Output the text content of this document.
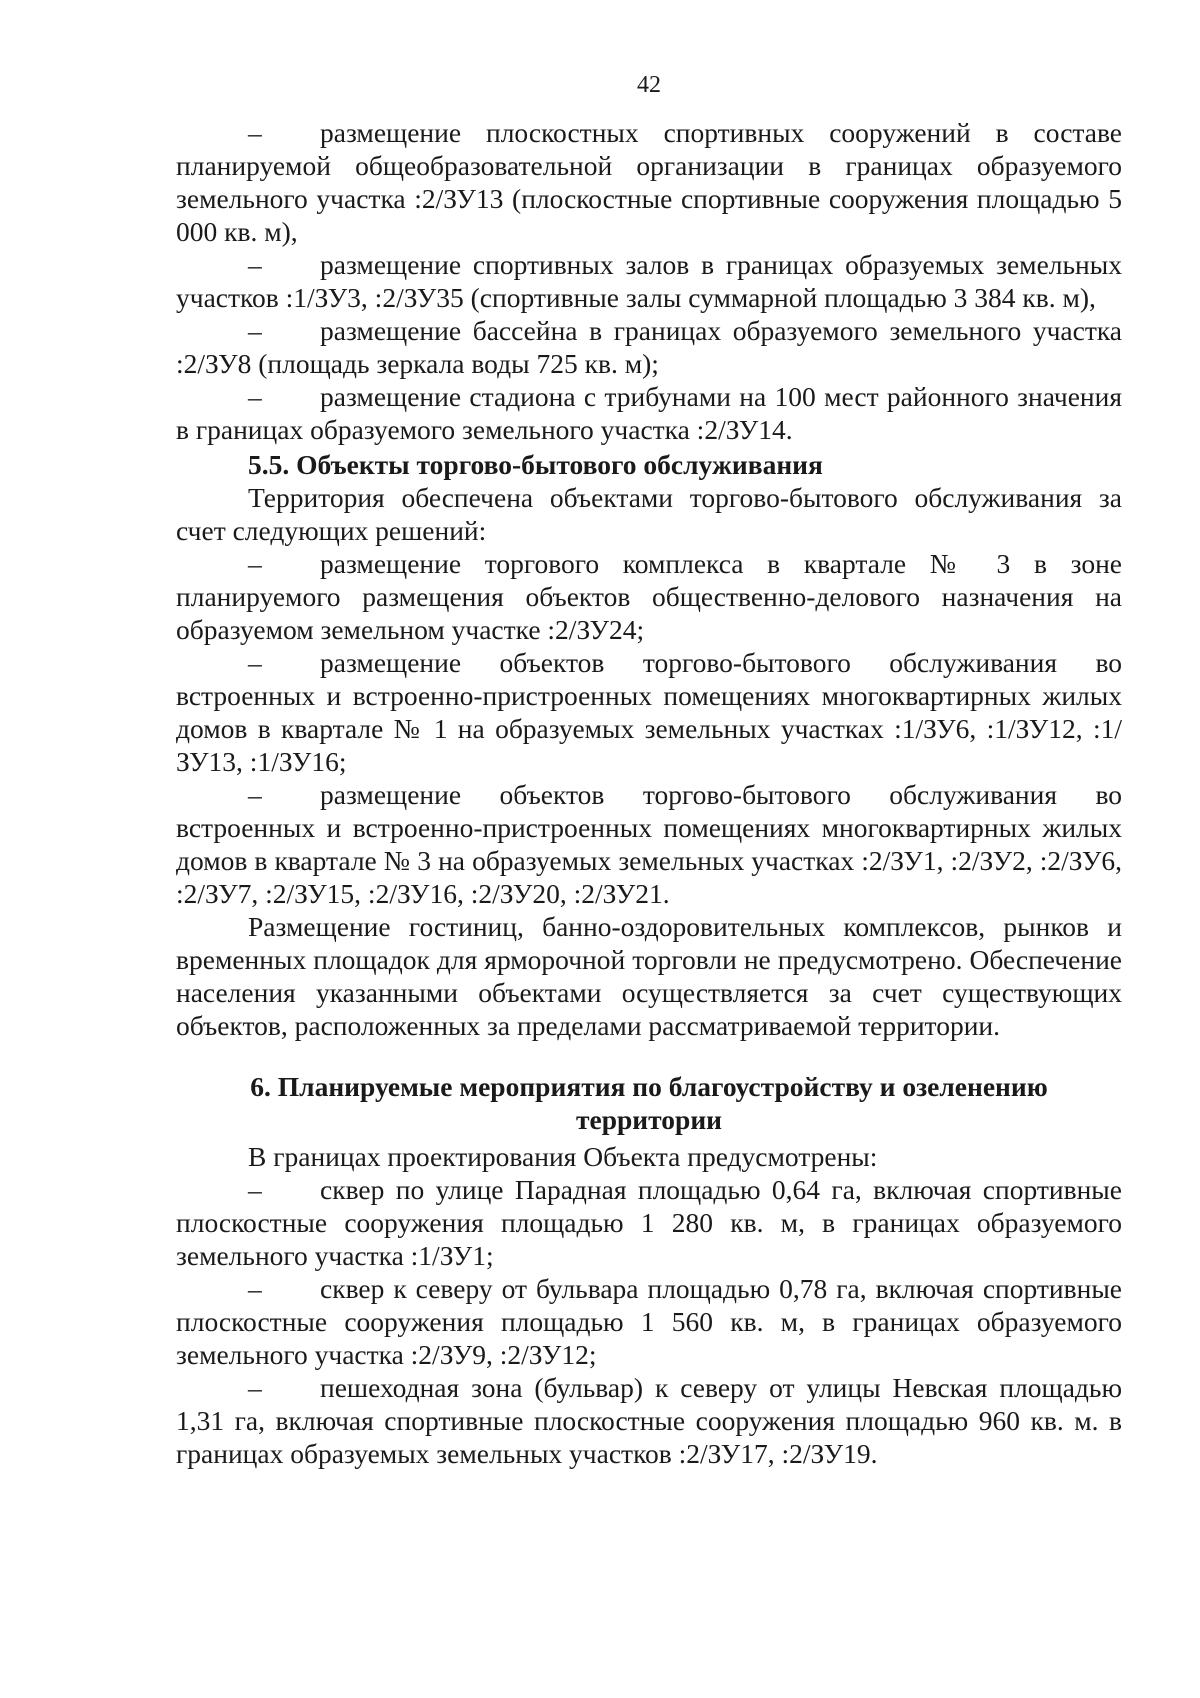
42

– размещение плоскостных спортивных сооружений в составе планируемой общеобразовательной организации в границах образуемого земельного участка :2/ЗУ13 (плоскостные спортивные сооружения площадью 5 000 кв. м),

– размещение спортивных залов в границах образуемых земельных участков :1/ЗУ3, :2/ЗУ35 (спортивные залы суммарной площадью 3 384 кв. м),

– размещение бассейна в границах образуемого земельного участка :2/ЗУ8 (площадь зеркала воды 725 кв. м);

– размещение стадиона с трибунами на 100 мест районного значения в границах образуемого земельного участка :2/ЗУ14.

5.5. Объекты торгово-бытового обслуживания

Территория обеспечена объектами торгово-бытового обслуживания за счет следующих решений:

– размещение торгового комплекса в квартале № 3 в зоне планируемого размещения объектов общественно-делового назначения на образуемом земельном участке :2/ЗУ24;

– размещение объектов торгово-бытового обслуживания во встроенных и встроенно-пристроенных помещениях многоквартирных жилых домов в квартале № 1 на образуемых земельных участках :1/ЗУ6, :1/ЗУ12, :1/ЗУ13, :1/ЗУ16;

– размещение объектов торгово-бытового обслуживания во встроенных и встроенно-пристроенных помещениях многоквартирных жилых домов в квартале № 3 на образуемых земельных участках :2/ЗУ1, :2/ЗУ2, :2/ЗУ6, :2/ЗУ7, :2/ЗУ15, :2/ЗУ16, :2/ЗУ20, :2/ЗУ21.

Размещение гостиниц, банно-оздоровительных комплексов, рынков и временных площадок для ярморочной торговли не предусмотрено. Обеспечение населения указанными объектами осуществляется за счет существующих объектов, расположенных за пределами рассматриваемой территории.

6. Планируемые мероприятия по благоустройству и озеленению территории

В границах проектирования Объекта предусмотрены:

– сквер по улице Парадная площадью 0,64 га, включая спортивные плоскостные сооружения площадью 1 280 кв. м, в границах образуемого земельного участка :1/ЗУ1;

– сквер к северу от бульвара площадью 0,78 га, включая спортивные плоскостные сооружения площадью 1 560 кв. м, в границах образуемого земельного участка :2/ЗУ9, :2/ЗУ12;

– пешеходная зона (бульвар) к северу от улицы Невская площадью 1,31 га, включая спортивные плоскостные сооружения площадью 960 кв. м. в границах образуемых земельных участков :2/ЗУ17, :2/ЗУ19.
